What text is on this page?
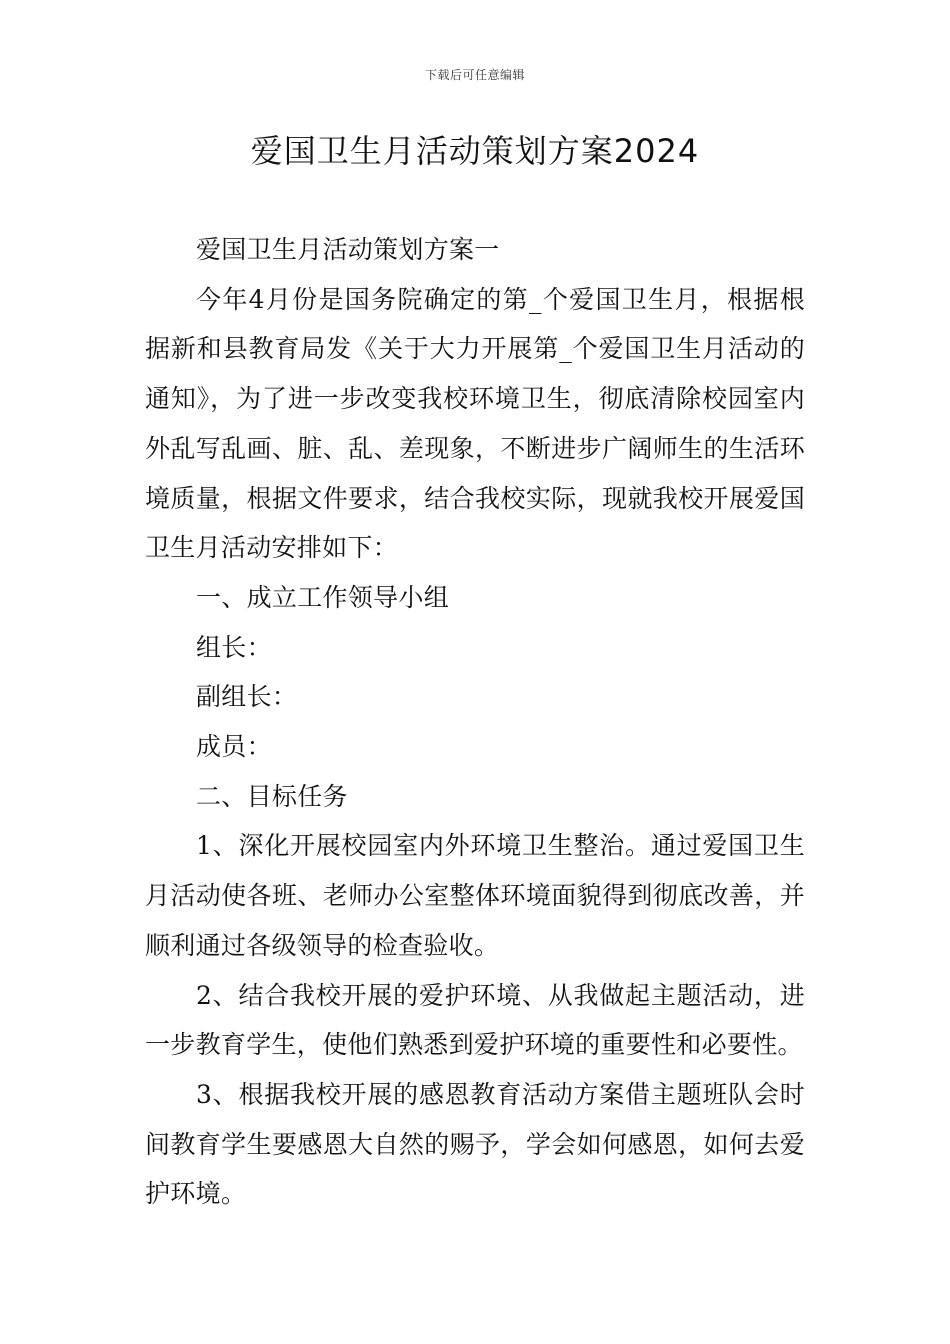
下载后可任意编辑
爱国卫生月活动策划方案2024

爱国卫生月活动策划方案一

今年4月份是国务院确定的第_个爱国卫生月，根据根据新和县教育局发《关于大力开展第_个爱国卫生月活动的通知》，为了进一步改变我校环境卫生，彻底清除校园室内外乱写乱画、脏、乱、差现象，不断进步广阔师生的生活环境质量，根据文件要求，结合我校实际，现就我校开展爱国卫生月活动安排如下：

一、成立工作领导小组

组长：

副组长：

成员：

二、目标任务

1、深化开展校园室内外环境卫生整治。通过爱国卫生月活动使各班、老师办公室整体环境面貌得到彻底改善，并顺利通过各级领导的检查验收。

2、结合我校开展的爱护环境、从我做起主题活动，进一步教育学生，使他们熟悉到爱护环境的重要性和必要性。

3、根据我校开展的感恩教育活动方案借主题班队会时间教育学生要感恩大自然的赐予，学会如何感恩，如何去爱护环境。
